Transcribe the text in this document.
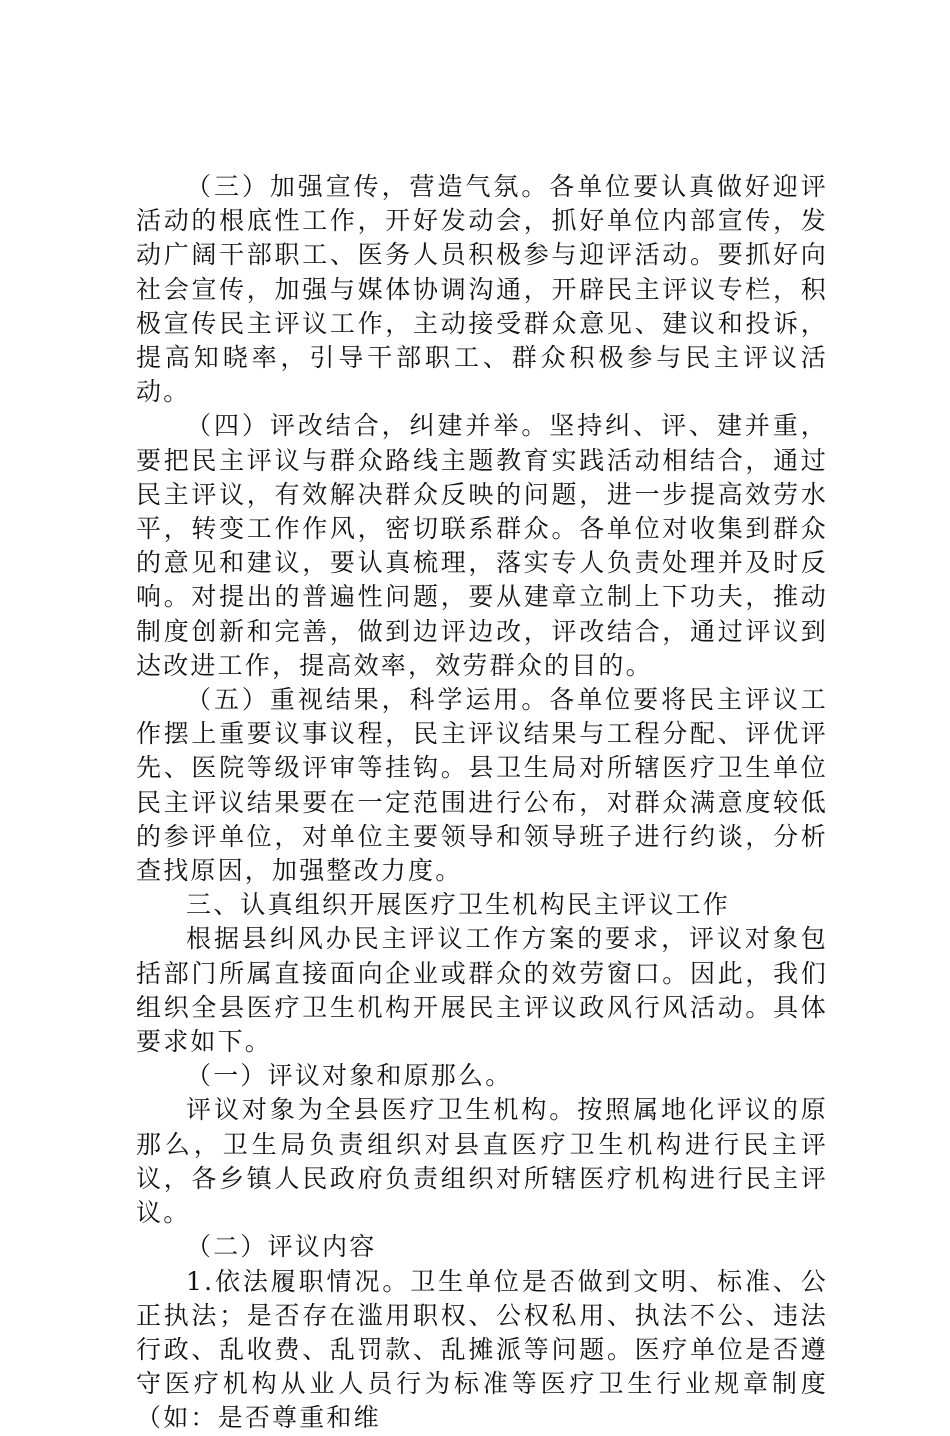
（三）加强宣传，营造气氛。各单位要认真做好迎评活动的根底性工作，开好发动会，抓好单位内部宣传，发动广阔干部职工、医务人员积极参与迎评活动。要抓好向社会宣传，加强与媒体协调沟通，开辟民主评议专栏，积极宣传民主评议工作，主动接受群众意见、建议和投诉，提高知晓率，引导干部职工、群众积极参与民主评议活动。

（四）评改结合，纠建并举。坚持纠、评、建并重，要把民主评议与群众路线主题教育实践活动相结合，通过民主评议，有效解决群众反映的问题，进一步提高效劳水平，转变工作作风，密切联系群众。各单位对收集到群众的意见和建议，要认真梳理，落实专人负责处理并及时反响。对提出的普遍性问题，要从建章立制上下功夫，推动制度创新和完善，做到边评边改，评改结合，通过评议到达改进工作，提高效率，效劳群众的目的。

（五）重视结果，科学运用。各单位要将民主评议工作摆上重要议事议程，民主评议结果与工程分配、评优评先、医院等级评审等挂钩。县卫生局对所辖医疗卫生单位民主评议结果要在一定范围进行公布，对群众满意度较低的参评单位，对单位主要领导和领导班子进行约谈，分析查找原因，加强整改力度。

三、认真组织开展医疗卫生机构民主评议工作

根据县纠风办民主评议工作方案的要求，评议对象包括部门所属直接面向企业或群众的效劳窗口。因此，我们组织全县医疗卫生机构开展民主评议政风行风活动。具体要求如下。

（一）评议对象和原那么。

评议对象为全县医疗卫生机构。按照属地化评议的原那么，卫生局负责组织对县直医疗卫生机构进行民主评议，各乡镇人民政府负责组织对所辖医疗机构进行民主评议。

（二）评议内容

1.依法履职情况。卫生单位是否做到文明、标准、公正执法；是否存在滥用职权、公权私用、执法不公、违法行政、乱收费、乱罚款、乱摊派等问题。医疗单位是否遵守医疗机构从业人员行为标准等医疗卫生行业规章制度（如：是否尊重和维
